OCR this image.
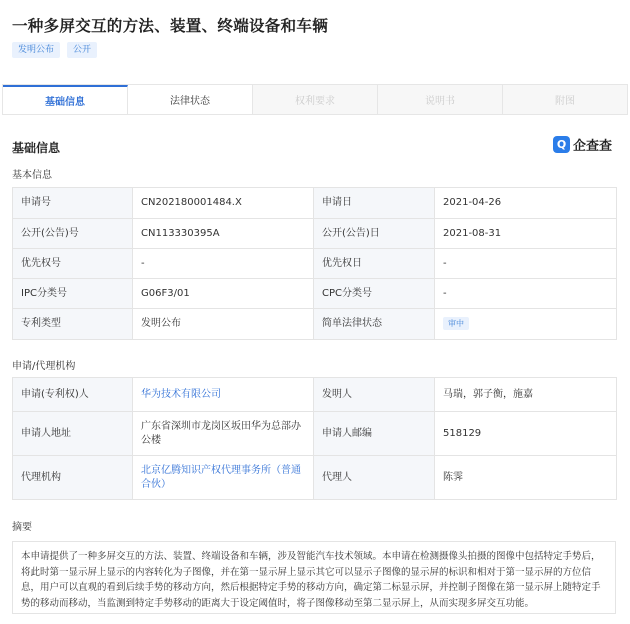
一种多屏交互的方法、装置、终端设备和车辆
发明公布	公开
基础信息	法律状态	权利要求	说明书	附图
基础信息	Q 企查查
基本信息
申请号	CN202180001484.X	申请日	2021-04-26
公开(公告)号	CN113330395A	公开(公告)日	2021-08-31
优先权号	-	优先权日	-
IPC分类号	G06F3/01	CPC分类号	-
专利类型	发明公布	简单法律状态	审中
申请/代理机构
申请(专利权)人	华为技术有限公司	发明人	马瑞，郭子衡，施嘉
申请人地址	广东省深圳市龙岗区坂田华为总部办公楼	申请人邮编	518129
代理机构	北京亿腾知识产权代理事务所（普通合伙）	代理人	陈霁
摘要
本申请提供了一种多屏交互的方法、装置、终端设备和车辆，涉及智能汽车技术领域。本申请在检测摄像头拍摄的图像中包括特定手势后，将此时第一显示屏上显示的内容转化为子图像，并在第一显示屏上显示其它可以显示子图像的显示屏的标识和相对于第一显示屏的方位信息，用户可以直观的看到后续手势的移动方向，然后根据特定手势的移动方向，确定第二标显示屏，并控制子图像在第一显示屏上随特定手势的移动而移动，当监测到特定手势移动的距离大于设定阈值时，将子图像移动至第二显示屏上，从而实现多屏交互功能。
